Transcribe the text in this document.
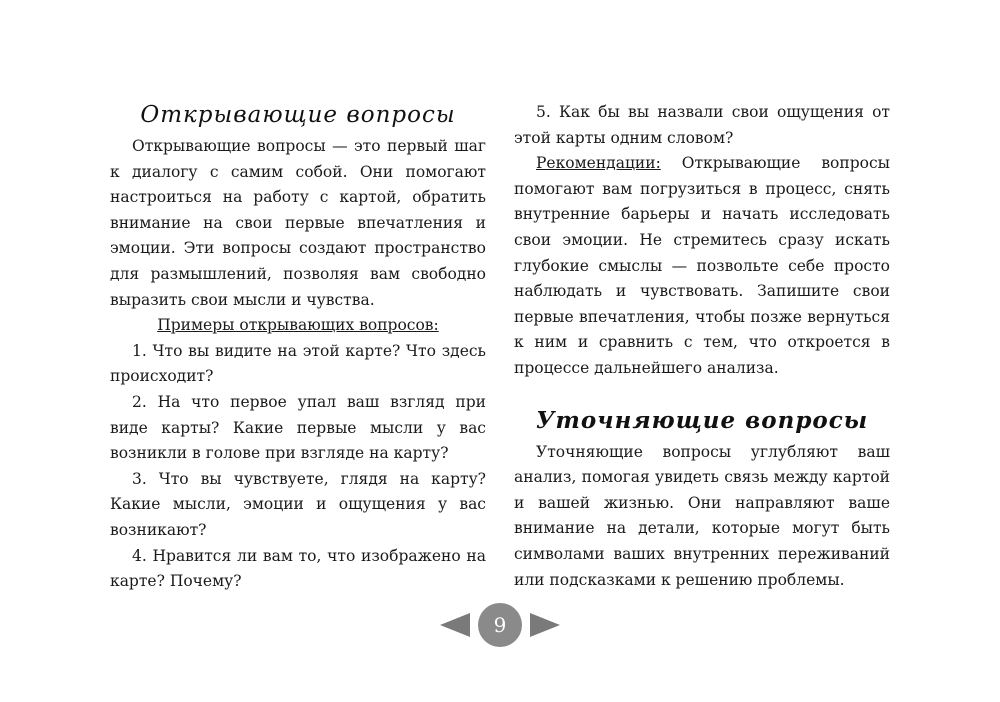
Открывающие вопросы

Открывающие вопросы — это первый шаг к диалогу с самим собой. Они помогают настроиться на работу с картой, обратить внимание на свои первые впечатления и эмоции. Эти вопросы создают пространство для размышлений, позволяя вам свободно выразить свои мысли и чувства.

Примеры открывающих вопросов:

1. Что вы видите на этой карте? Что здесь происходит?

2. На что первое упал ваш взгляд при виде карты? Какие первые мысли у вас возникли в голове при взгляде на карту?

3. Что вы чувствуете, глядя на карту? Какие мысли, эмоции и ощущения у вас возникают?

4. Нравится ли вам то, что изображено на карте? Почему?

5. Как бы вы назвали свои ощущения от этой карты одним словом?

Рекомендации: Открывающие вопросы помогают вам погрузиться в процесс, снять внутренние барьеры и начать исследовать свои эмоции. Не стремитесь сразу искать глубокие смыслы — позвольте себе просто наблюдать и чувствовать. Запишите свои первые впечатления, чтобы позже вернуться к ним и сравнить с тем, что откроется в процессе дальнейшего анализа.

Уточняющие вопросы

Уточняющие вопросы углубляют ваш анализ, помогая увидеть связь между картой и вашей жизнью. Они направляют ваше внимание на детали, которые могут быть символами ваших внутренних переживаний или подсказками к решению проблемы.

9
